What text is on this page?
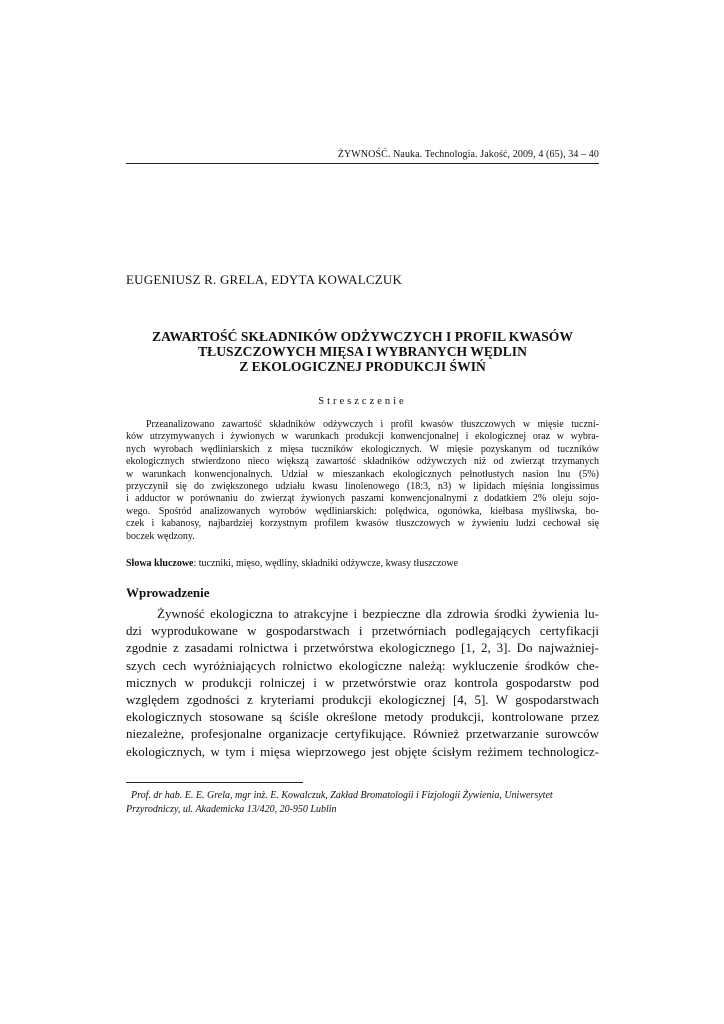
ŻYWNOŚĆ. Nauka. Technologia. Jakość, 2009, 4 (65), 34 – 40
EUGENIUSZ R. GRELA, EDYTA KOWALCZUK
ZAWARTOŚĆ SKŁADNIKÓW ODŻYWCZYCH I PROFIL KWASÓW
TŁUSZCZOWYCH MIĘSA I WYBRANYCH WĘDLIN
Z EKOLOGICZNEJ PRODUKCJI ŚWIŃ
Streszczenie
Przeanalizowano zawartość składników odżywczych i profil kwasów tłuszczowych w mięsie tuczni-
ków utrzymywanych i żywionych w warunkach produkcji konwencjonalnej i ekologicznej oraz w wybra-
nych wyrobach wędliniarskich z mięsa tuczników ekologicznych. W mięsie pozyskanym od tuczników
ekologicznych stwierdzono nieco większą zawartość składników odżywczych niż od zwierząt trzymanych
w warunkach konwencjonalnych. Udział w mieszankach ekologicznych pełnotłustych nasion lnu (5%)
przyczynił się do zwiększonego udziału kwasu linolenowego (18:3, n3) w lipidach mięśnia longissimus
i adductor w porównaniu do zwierząt żywionych paszami konwencjonalnymi z dodatkiem 2% oleju sojo-
wego. Spośród analizowanych wyrobów wędliniarskich: polędwica, ogonówka, kiełbasa myśliwska, bo-
czek i kabanosy, najbardziej korzystnym profilem kwasów tłuszczowych w żywieniu ludzi cechował się
boczek wędzony.
Słowa kluczowe: tuczniki, mięso, wędliny, składniki odżywcze, kwasy tłuszczowe
Wprowadzenie
Żywność ekologiczna to atrakcyjne i bezpieczne dla zdrowia środki żywienia lu-
dzi wyprodukowane w gospodarstwach i przetwórniach podlegających certyfikacji
zgodnie z zasadami rolnictwa i przetwórstwa ekologicznego [1, 2, 3]. Do najważniej-
szych cech wyróżniających rolnictwo ekologiczne należą: wykluczenie środków che-
micznych w produkcji rolniczej i w przetwórstwie oraz kontrola gospodarstw pod
względem zgodności z kryteriami produkcji ekologicznej [4, 5]. W gospodarstwach
ekologicznych stosowane są ściśle określone metody produkcji, kontrolowane przez
niezależne, profesjonalne organizacje certyfikujące. Również przetwarzanie surowców
ekologicznych, w tym i mięsa wieprzowego jest objęte ścisłym reżimem technologicz-
Prof. dr hab. E. E. Grela, mgr inż. E. Kowalczuk, Zakład Bromatologii i Fizjologii Żywienia, Uniwersytet
Przyrodniczy, ul. Akademicka 13/420, 20-950 Lublin
